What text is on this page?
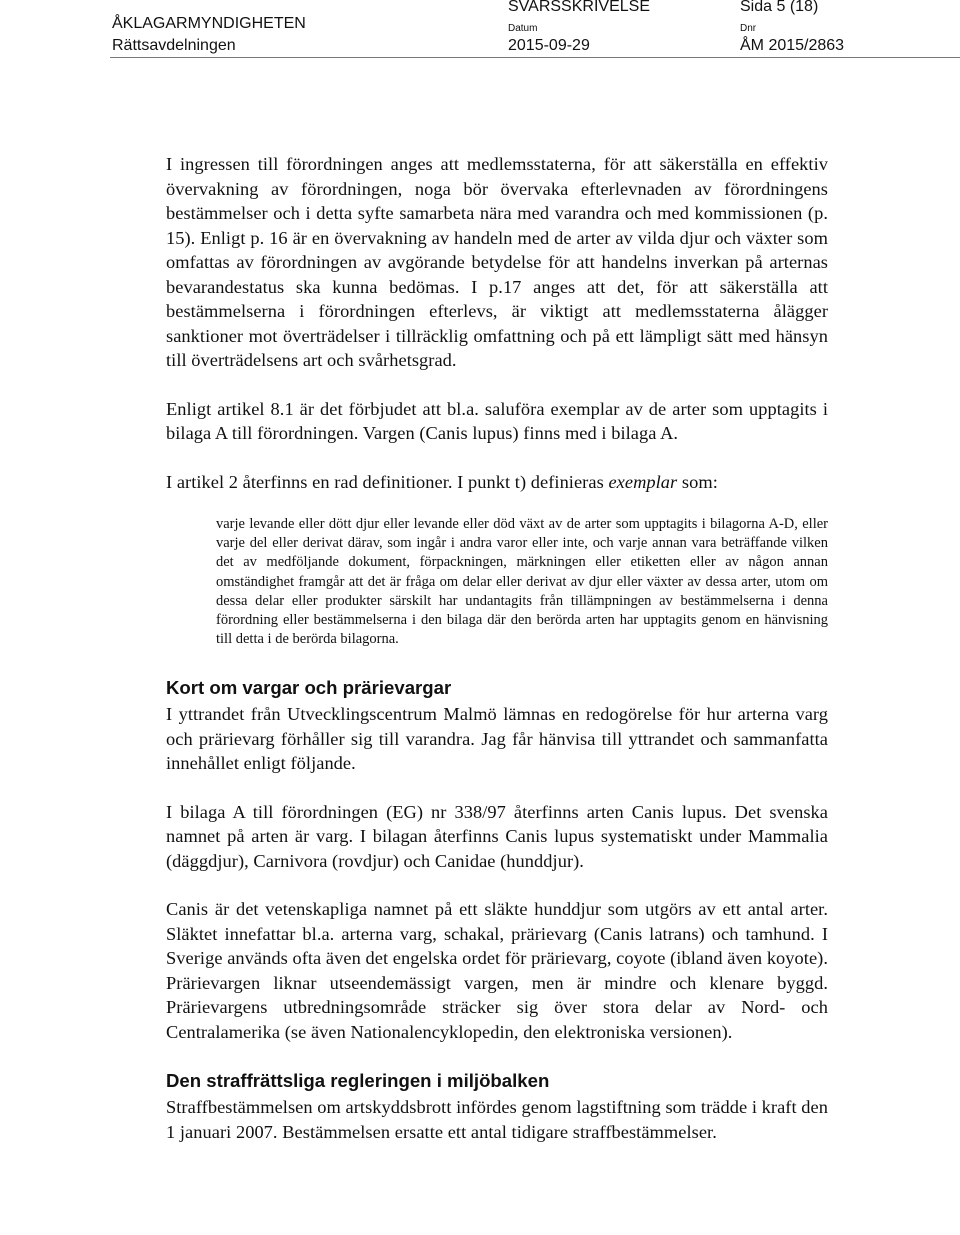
ÅKLAGARMYNDIGHETEN
Rättsavdelningen
SVARSSKRIVELSE	Sida 5 (18)
Datum
2015-09-29
Dnr
ÅM 2015/2863

I ingressen till förordningen anges att medlemsstaterna, för att säkerställa en effektiv övervakning av förordningen, noga bör övervaka efterlevnaden av förordningens bestämmelser och i detta syfte samarbeta nära med varandra och med kommissionen (p. 15). Enligt p. 16 är en övervakning av handeln med de arter av vilda djur och växter som omfattas av förordningen av avgörande betydelse för att handelns inverkan på arternas bevarandestatus ska kunna bedömas. I p.17 anges att det, för att säkerställa att bestämmelserna i förordningen efterlevs, är viktigt att medlemsstaterna ålägger sanktioner mot överträdelser i tillräcklig omfattning och på ett lämpligt sätt med hänsyn till överträdelsens art och svårhetsgrad.

Enligt artikel 8.1 är det förbjudet att bl.a. saluföra exemplar av de arter som upptagits i bilaga A till förordningen. Vargen (Canis lupus) finns med i bilaga A.

I artikel 2 återfinns en rad definitioner. I punkt t) definieras exemplar som:

varje levande eller dött djur eller levande eller död växt av de arter som upptagits i bilagorna A-D, eller varje del eller derivat därav, som ingår i andra varor eller inte, och varje annan vara beträffande vilken det av medföljande dokument, förpackningen, märkningen eller etiketten eller av någon annan omständighet framgår att det är fråga om delar eller derivat av djur eller växter av dessa arter, utom om dessa delar eller produkter särskilt har undantagits från tillämpningen av bestämmelserna i denna förordning eller bestämmelserna i den bilaga där den berörda arten har upptagits genom en hänvisning till detta i de berörda bilagorna.

Kort om vargar och prärievargar

I yttrandet från Utvecklingscentrum Malmö lämnas en redogörelse för hur arterna varg och prärievarg förhåller sig till varandra. Jag får hänvisa till yttrandet och sammanfatta innehållet enligt följande.

I bilaga A till förordningen (EG) nr 338/97 återfinns arten Canis lupus. Det svenska namnet på arten är varg. I bilagan återfinns Canis lupus systematiskt under Mammalia (däggdjur), Carnivora (rovdjur) och Canidae (hunddjur).

Canis är det vetenskapliga namnet på ett släkte hunddjur som utgörs av ett antal arter. Släktet innefattar bl.a. arterna varg, schakal, prärievarg (Canis latrans) och tamhund. I Sverige används ofta även det engelska ordet för prärievarg, coyote (ibland även koyote). Prärievargen liknar utseendemässigt vargen, men är mindre och klenare byggd. Prärievargens utbredningsområde sträcker sig över stora delar av Nord- och Centralamerika (se även Nationalencyklopedin, den elektroniska versionen).

Den straffrättsliga regleringen i miljöbalken

Straffbestämmelsen om artskyddsbrott infördes genom lagstiftning som trädde i kraft den 1 januari 2007. Bestämmelsen ersatte ett antal tidigare straffbestämmelser.
